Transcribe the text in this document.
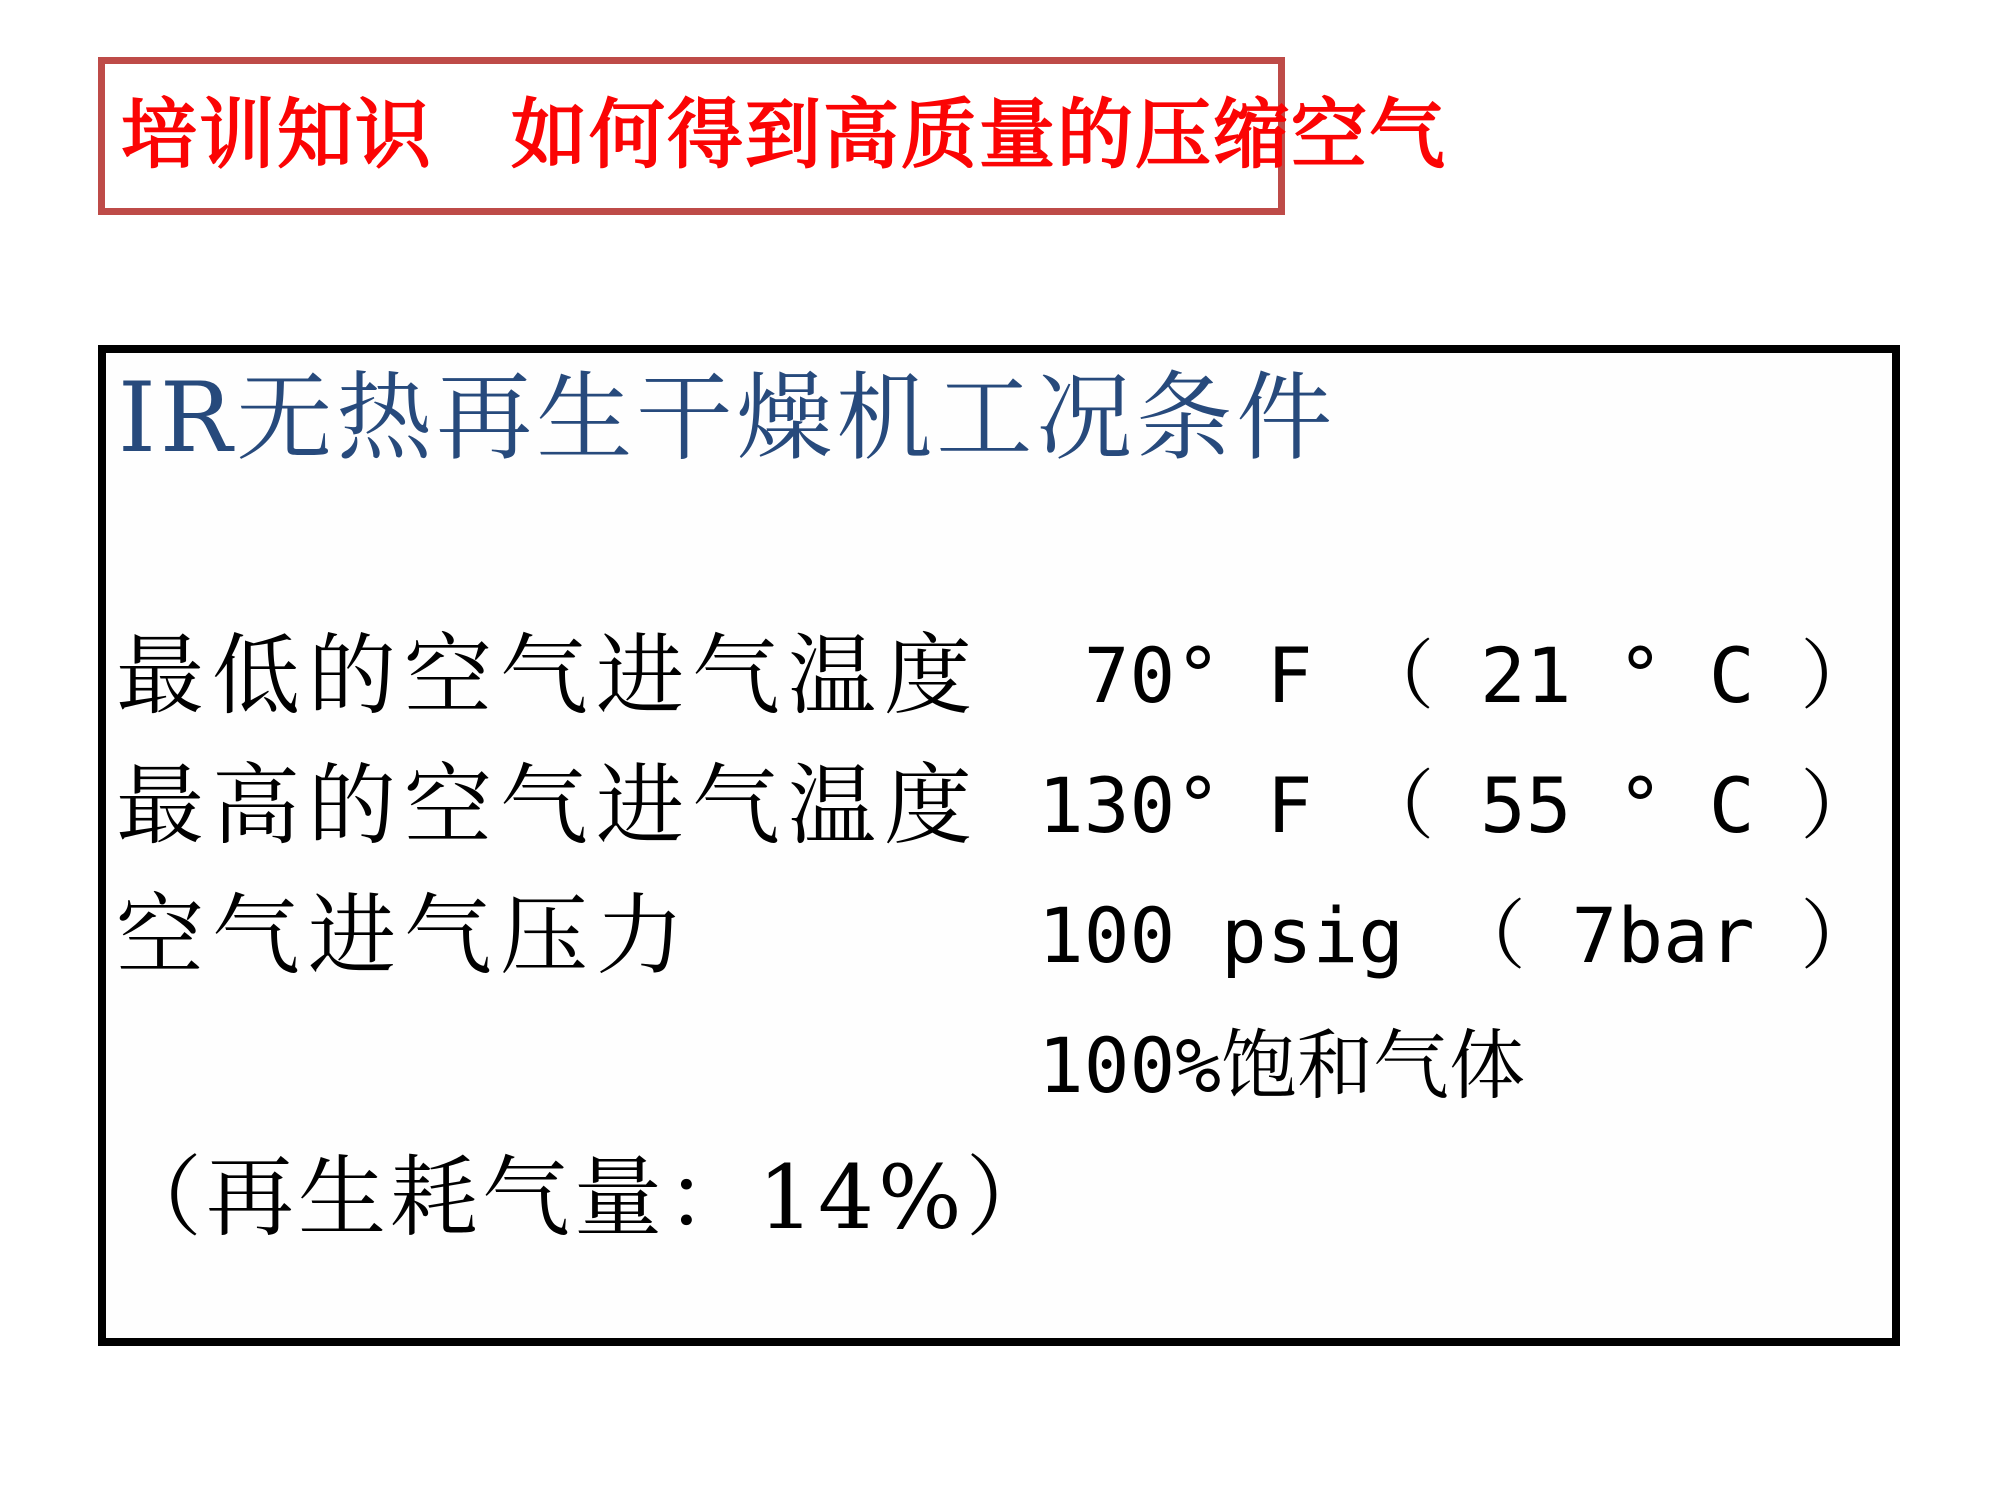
培训知识　如何得到高质量的压缩空气
IR无热再生干燥机工况条件

最低的空气进气温度

70° F （ 21 ° C ）

最高的空气进气温度

130° F （ 55 ° C ）

空气进气压力

	100 psig （ 7bar ）

100%饱和气体

（再生耗气量：14%）
